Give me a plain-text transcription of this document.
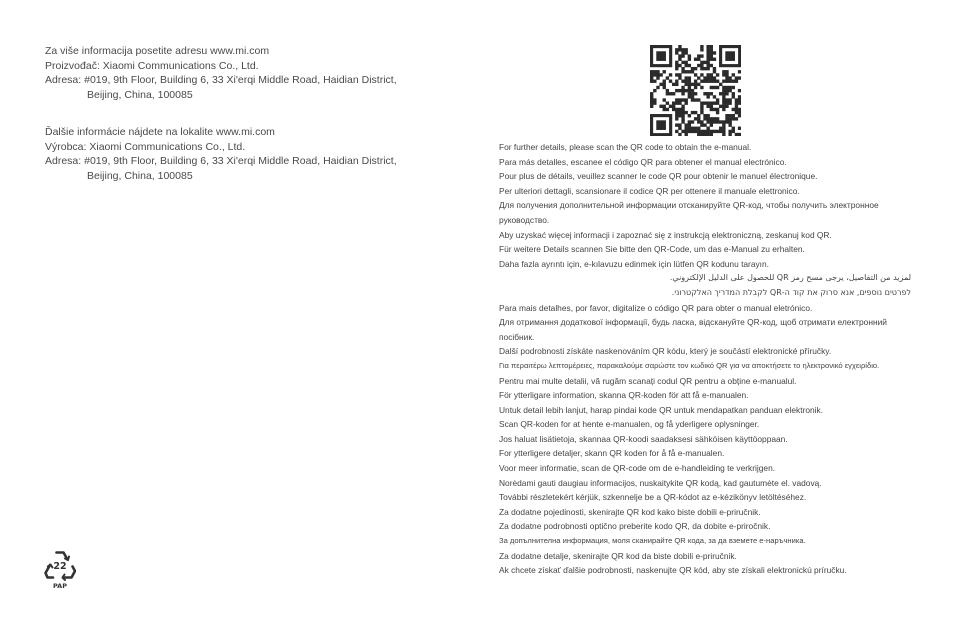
Za više informacija posetite adresu www.mi.com
Proizvođač: Xiaomi Communications Co., Ltd.
Adresa: #019, 9th Floor, Building 6, 33 Xi'erqi Middle Road, Haidian District,
Beijing, China, 100085
Ďalšie informácie nájdete na lokalite www.mi.com
Výrobca: Xiaomi Communications Co., Ltd.
Adresa: #019, 9th Floor, Building 6, 33 Xi'erqi Middle Road, Haidian District,
Beijing, China, 100085
For further details, please scan the QR code to obtain the e-manual.
Para más detalles, escanee el código QR para obtener el manual electrónico.
Pour plus de détails, veuillez scanner le code QR pour obtenir le manuel électronique.
Per ulteriori dettagli, scansionare il codice QR per ottenere il manuale elettronico.
Для получения дополнительной информации отсканируйте QR-код, чтобы получить электронное руководство.
Aby uzyskać więcej informacji i zapoznać się z instrukcją elektroniczną, zeskanuj kod QR.
Für weitere Details scannen Sie bitte den QR-Code, um das e-Manual zu erhalten.
Daha fazla ayrıntı için, e-kılavuzu edinmek için lütfen QR kodunu tarayın.
لمزيد من التفاصيل، يرجى مسح رمز QR للحصول على الدليل الإلكتروني.
לפרטים נוספים, אנא סרוק את קוד ה-QR לקבלת המדריך האלקטרוני.
Para mais detalhes, por favor, digitalize o código QR para obter o manual eletrónico.
Для отримання додаткової інформації, будь ласка, відскануйте QR-код, щоб отримати електронний посібник.
Další podrobnosti získáte naskenováním QR kódu, který je součástí elektronické příručky.
Για περαιτέρω λεπτομέρειες, παρακαλούμε σαρώστε τον κωδικό QR για να αποκτήσετε το ηλεκτρονικό εγχειρίδιο.
Pentru mai multe detalii, vă rugăm scanați codul QR pentru a obține e-manualul.
För ytterligare information, skanna QR-koden för att få e-manualen.
Untuk detail lebih lanjut, harap pindai kode QR untuk mendapatkan panduan elektronik.
Scan QR-koden for at hente e-manualen, og få yderligere oplysninger.
Jos haluat lisätietoja, skannaa QR-koodi saadaksesi sähköisen käyttöoppaan.
For ytterligere detaljer, skann QR koden for å få e-manualen.
Voor meer informatie, scan de QR-code om de e-handleiding te verkrijgen.
Norėdami gauti daugiau informacijos, nuskaitykite QR kodą, kad gautumėte el. vadovą.
További részletekért kérjük, szkennelje be a QR-kódot az e-kézikönyv letöltéséhez.
Za dodatne pojedinosti, skenirajte QR kod kako biste dobili e-priručnik.
Za dodatne podrobnosti optično preberite kodo QR, da dobite e-priročnik.
За допълнителна информация, моля сканирайте QR кода, за да вземете е-наръчника.
Za dodatne detalje, skenirajte QR kod da biste dobili e-priručnik.
Ak chcete získať ďalšie podrobnosti, naskenujte QR kód, aby ste získali elektronickú príručku.
22
PAP
